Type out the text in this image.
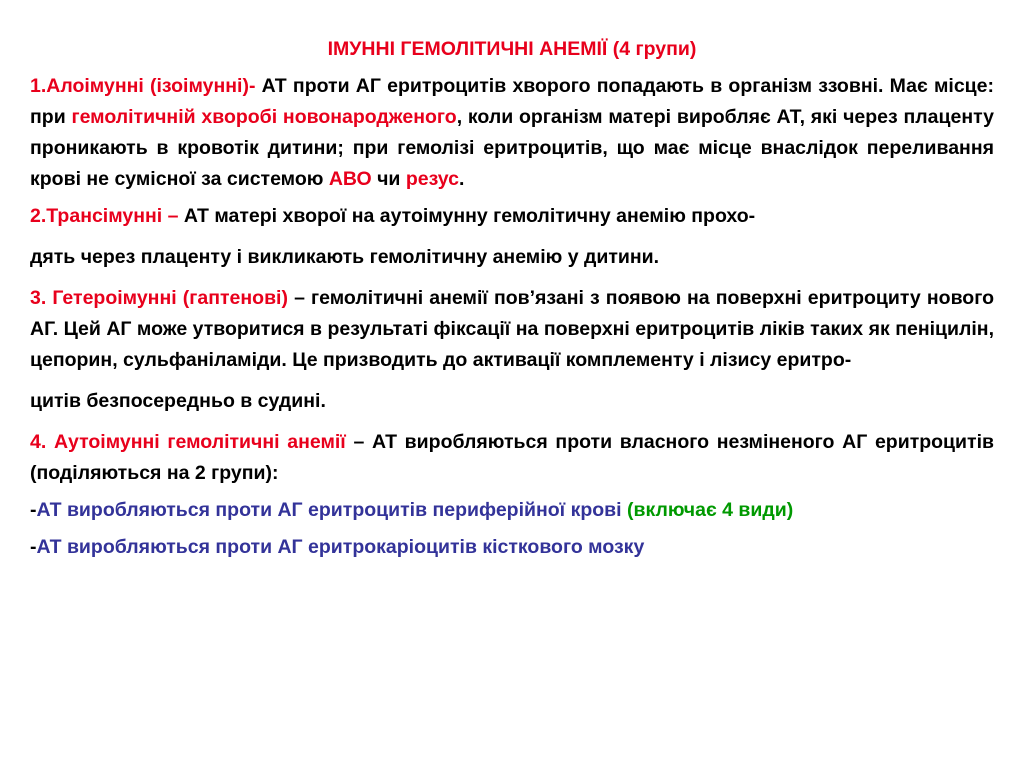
ІМУННІ ГЕМОЛІТИЧНІ АНЕМІЇ (4 групи)
1.Алоімунні (ізоімунні)- АТ проти АГ еритроцитів хворого попадають в організм ззовні. Має місце: при гемолітичній хворобі новонародженого, коли організм матері виробляє АТ, які через плаценту проникають в кровотік дитини; при гемолізі еритроцитів, що має місце внаслідок переливання крові не сумісної за системою АВО чи резус.
2.Трансімунні – АТ матері хворої на аутоімунну гемолітичну анемію прохо-
дять через плаценту і викликають гемолітичну анемію у дитини.
3. Гетероімунні (гаптенові) – гемолітичні анемії пов’язані з появою на поверхні еритроциту нового АГ. Цей АГ може утворитися в результаті фіксації на поверхні еритроцитів ліків таких як пеніцилін, цепорин, сульфаніламіди. Це призводить до активації комплементу і лізису еритро-
цитів безпосередньо в судині.
4. Аутоімунні гемолітичні анемії – АТ виробляються проти власного незміненого АГ еритроцитів (поділяються на 2 групи):
-АТ виробляються проти АГ еритроцитів периферійної крові (включає 4 види)
-АТ виробляються проти АГ еритрокаріоцитів кісткового мозку
